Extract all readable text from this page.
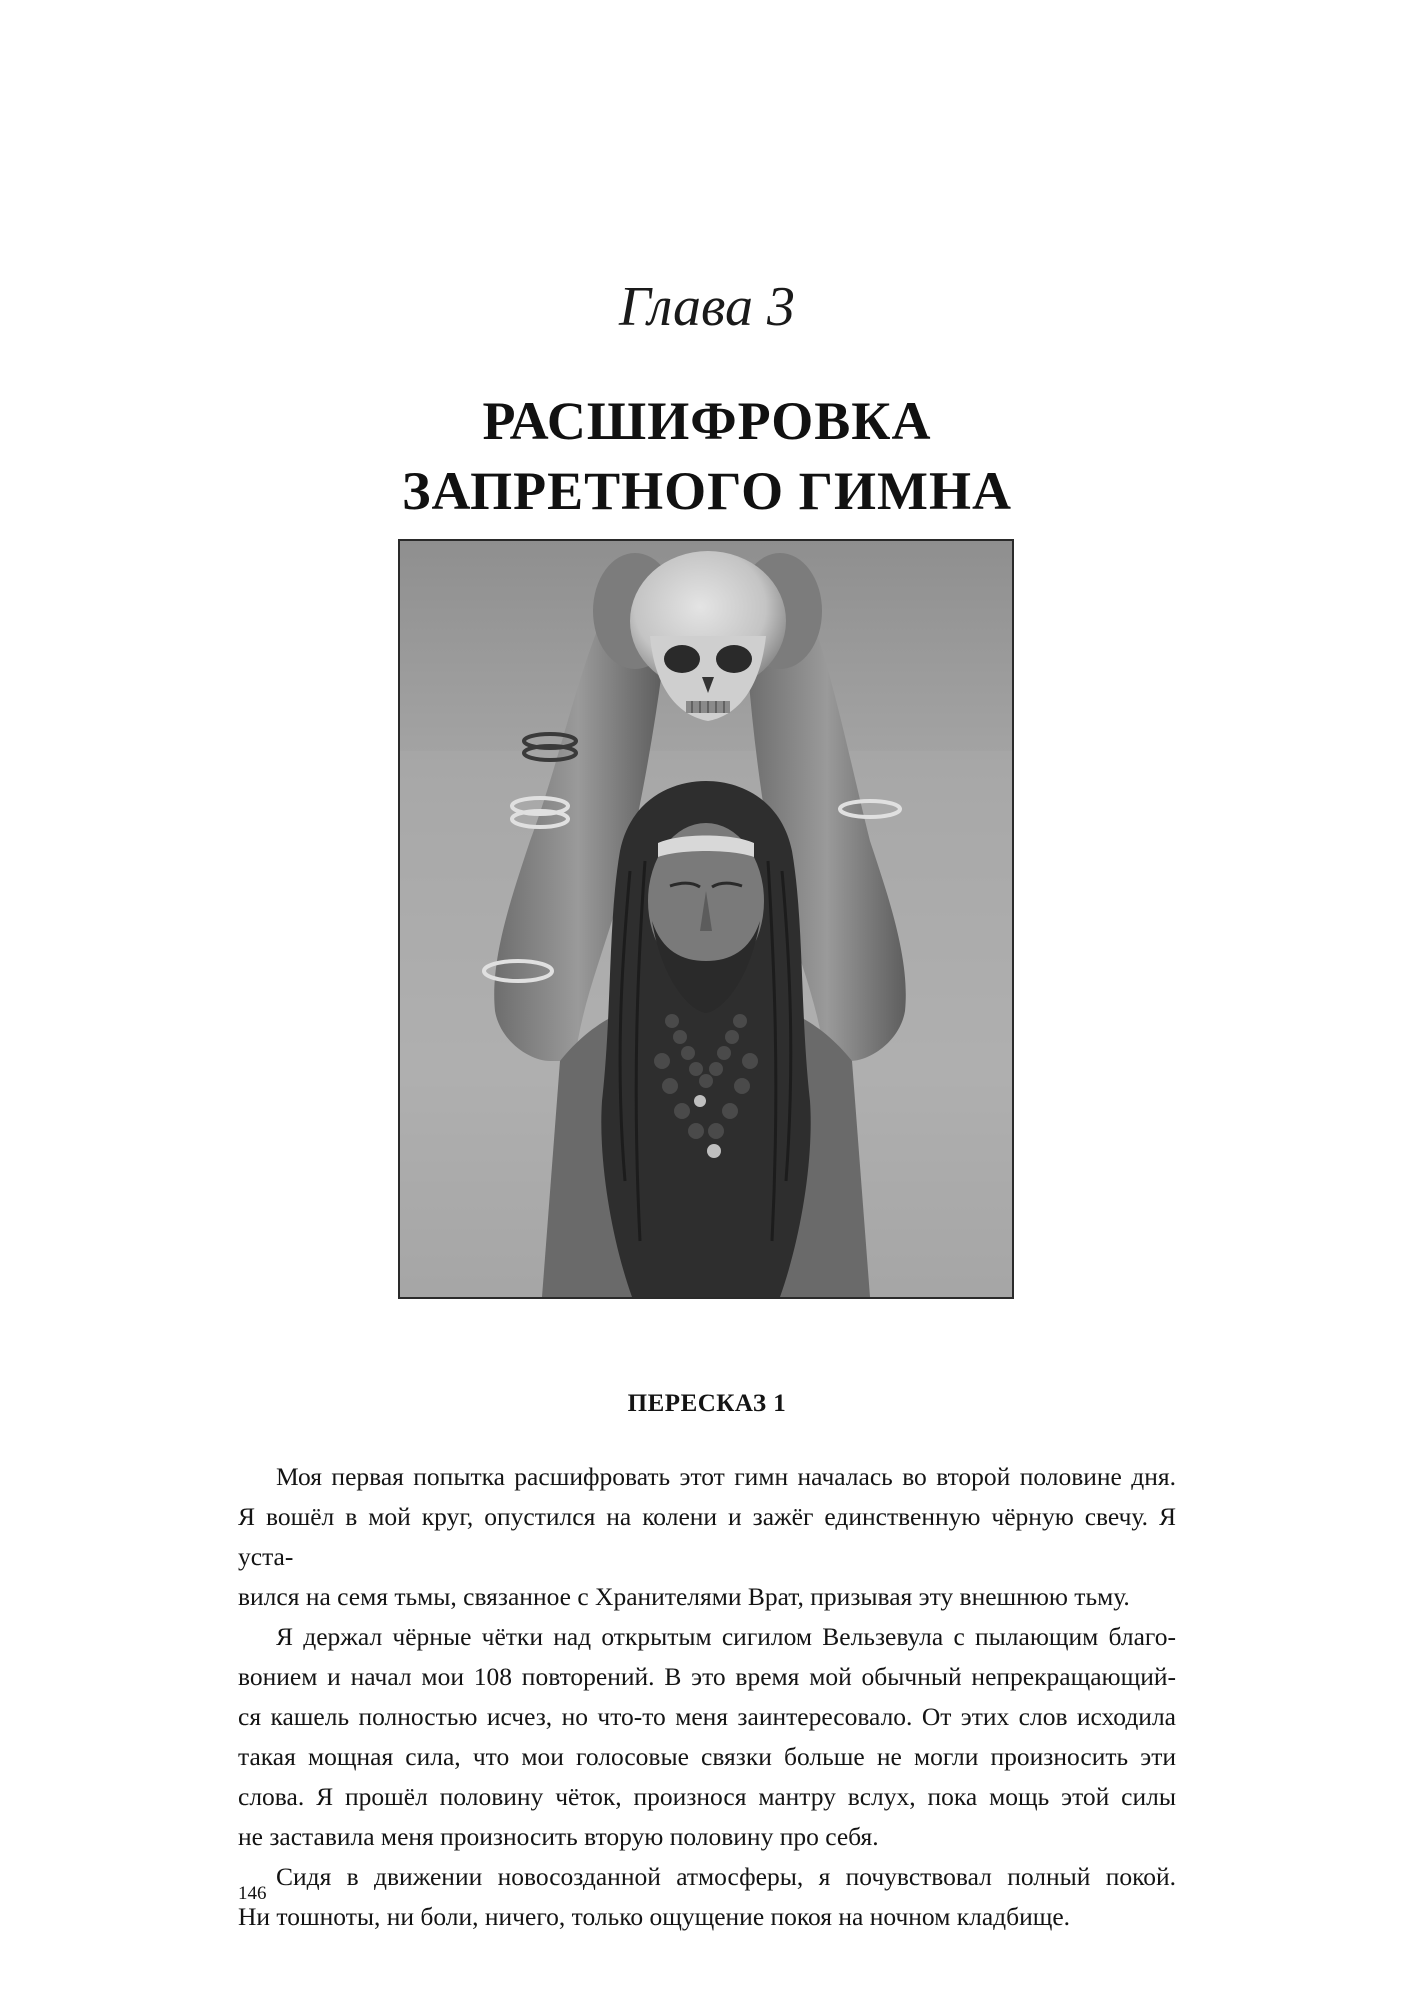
Глава 3
РАСШИФРОВКА
ЗАПРЕТНОГО ГИМНА
ПЕРЕСКАЗ 1

Моя первая попытка расшифровать этот гимн началась во второй половине дня.
Я вошёл в мой круг, опустился на колени и зажёг единственную чёрную свечу. Я уста-
вился на семя тьмы, связанное с Хранителями Врат, призывая эту внешнюю тьму.

Я держал чёрные чётки над открытым сигилом Вельзевула с пылающим благо-
вонием и начал мои 108 повторений. В это время мой обычный непрекращающий-
ся кашель полностью исчез, но что-то меня заинтересовало. От этих слов исходила
такая мощная сила, что мои голосовые связки больше не могли произносить эти
слова. Я прошёл половину чёток, произнося мантру вслух, пока мощь этой силы
не заставила меня произносить вторую половину про себя.

Сидя в движении новосозданной атмосферы, я почувствовал полный покой.
Ни тошноты, ни боли, ничего, только ощущение покоя на ночном кладбище.

146
